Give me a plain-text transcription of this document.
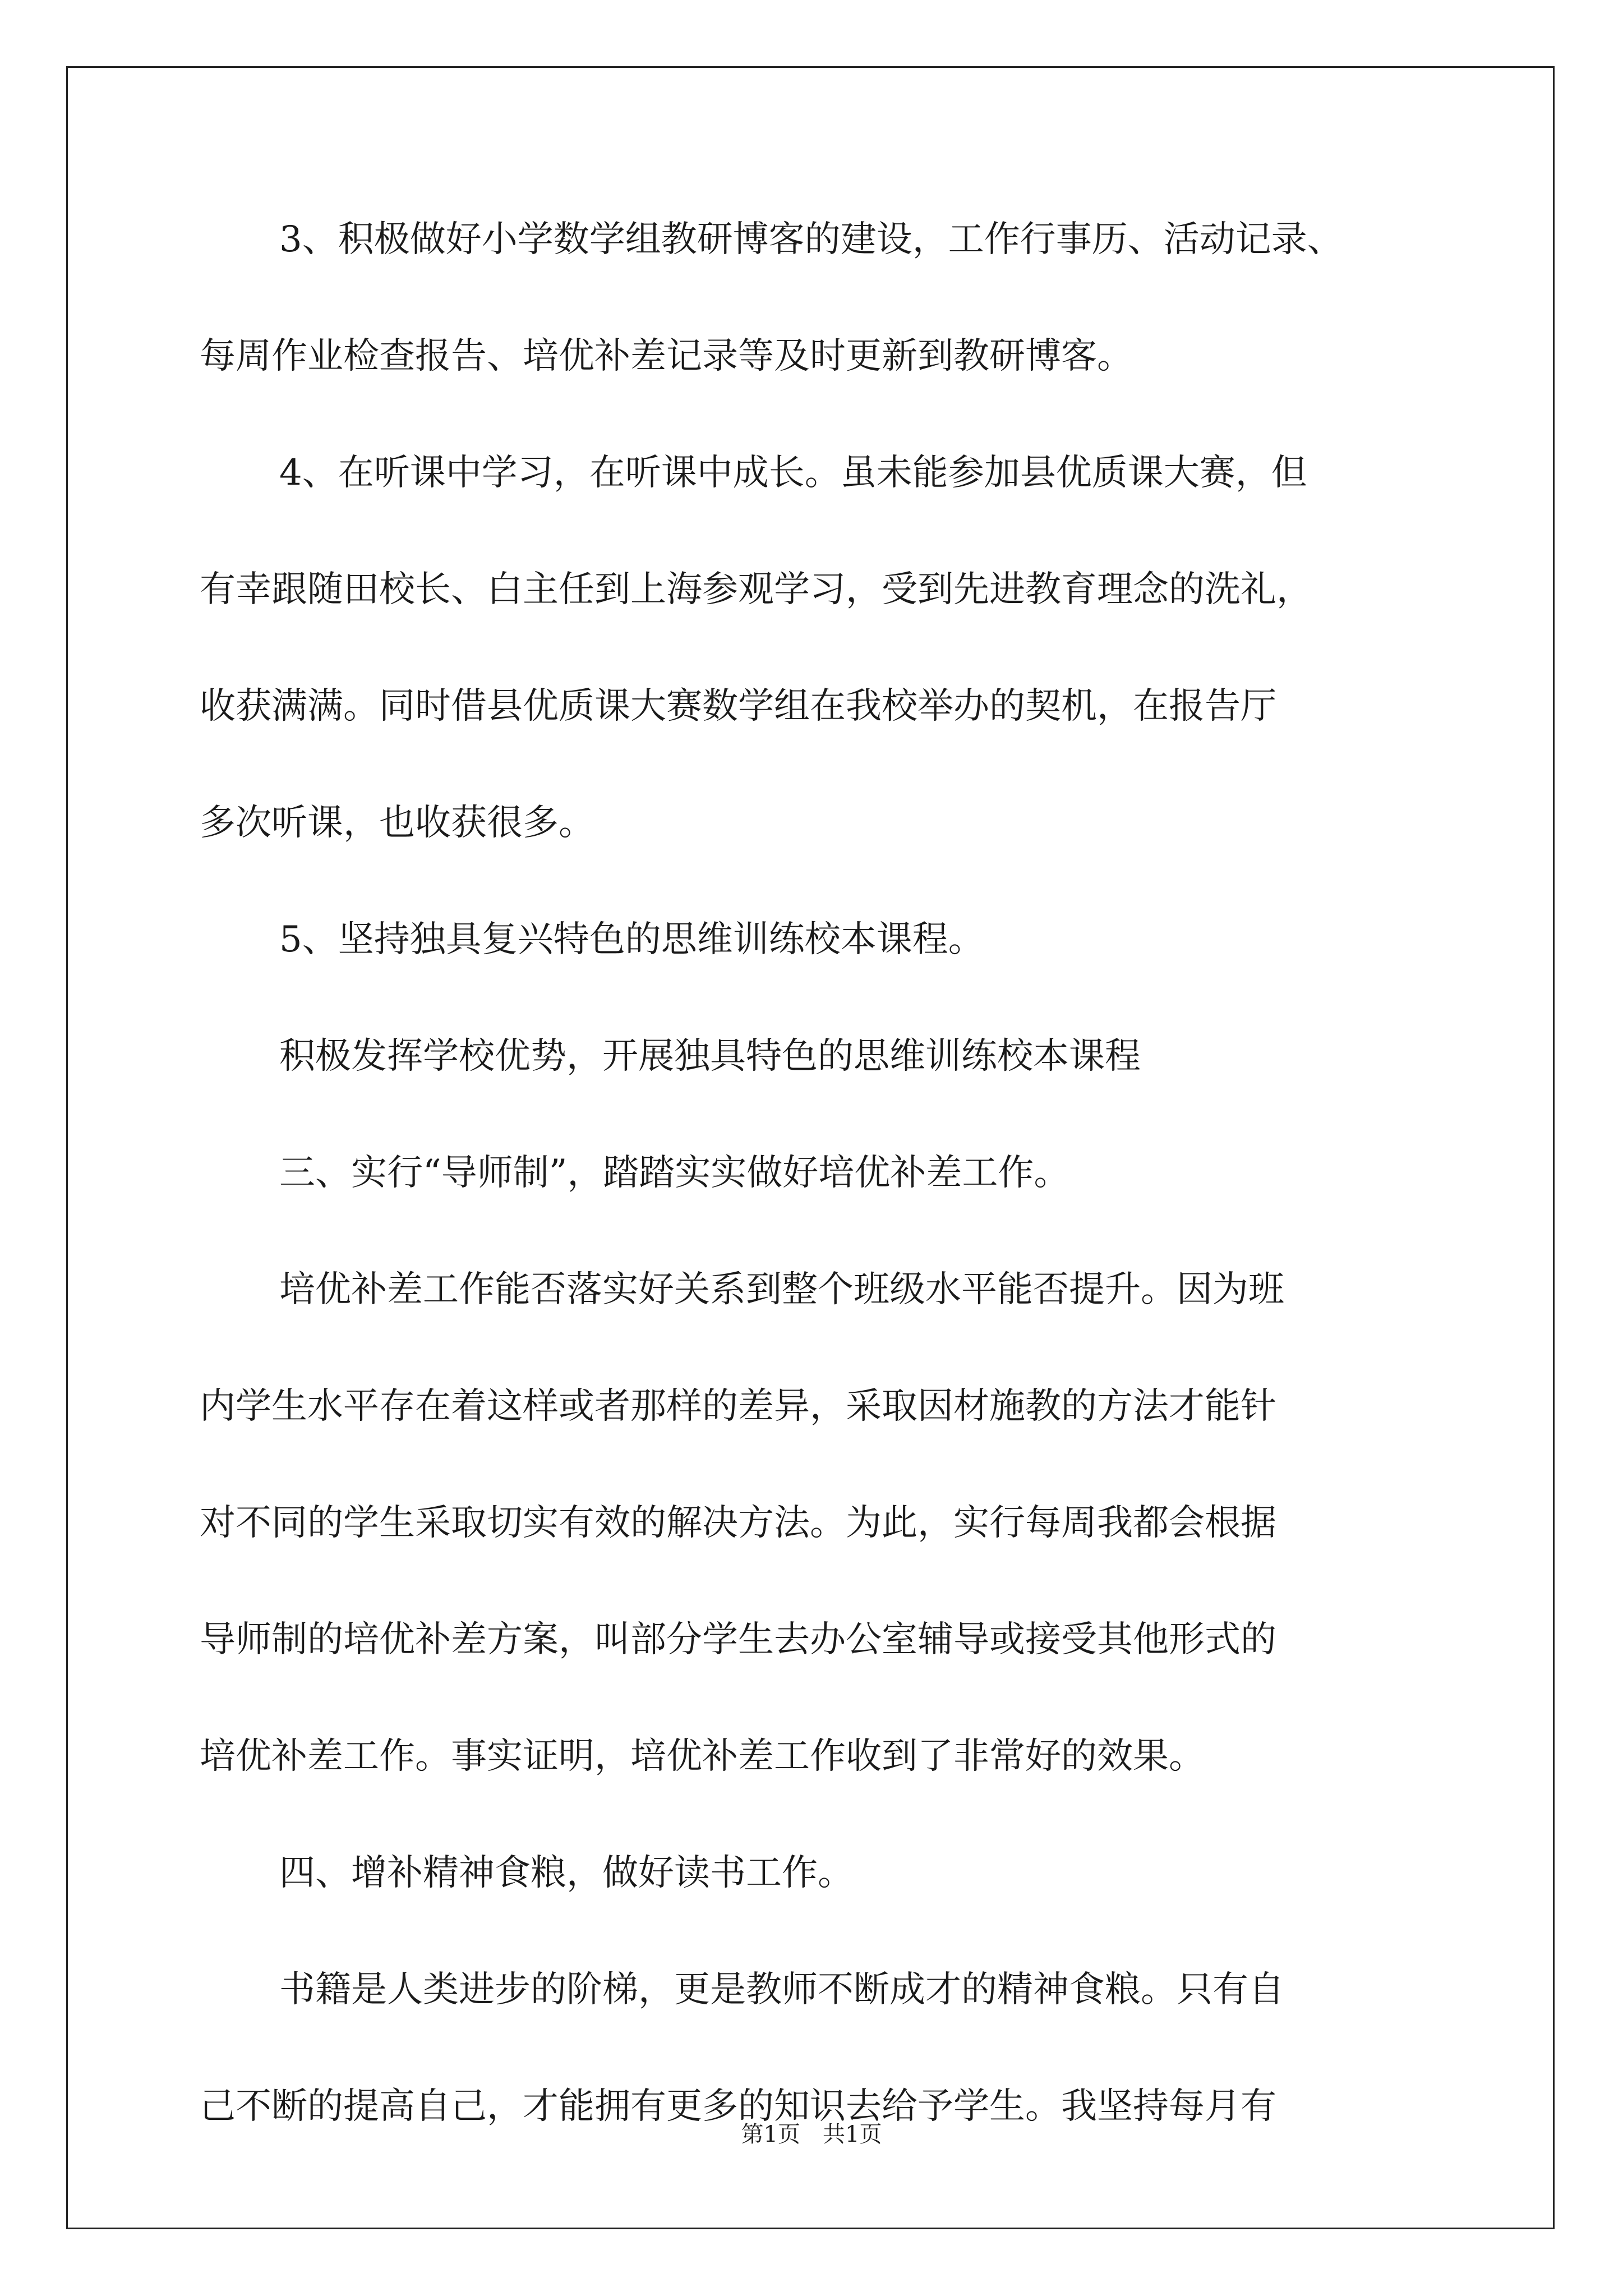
3、积极做好小学数学组教研博客的建设，工作行事历、活动记录、
每周作业检查报告、培优补差记录等及时更新到教研博客。
4、在听课中学习，在听课中成长。虽未能参加县优质课大赛，但
有幸跟随田校长、白主任到上海参观学习，受到先进教育理念的洗礼，
收获满满。同时借县优质课大赛数学组在我校举办的契机，在报告厅
多次听课，也收获很多。
5、坚持独具复兴特色的思维训练校本课程。
积极发挥学校优势，开展独具特色的思维训练校本课程
三、实行“导师制”，踏踏实实做好培优补差工作。
培优补差工作能否落实好关系到整个班级水平能否提升。因为班
内学生水平存在着这样或者那样的差异，采取因材施教的方法才能针
对不同的学生采取切实有效的解决方法。为此，实行每周我都会根据
导师制的培优补差方案，叫部分学生去办公室辅导或接受其他形式的
培优补差工作。事实证明，培优补差工作收到了非常好的效果。
四、增补精神食粮，做好读书工作。
书籍是人类进步的阶梯，更是教师不断成才的精神食粮。只有自
己不断的提高自己，才能拥有更多的知识去给予学生。我坚持每月有
第1页 共1页
